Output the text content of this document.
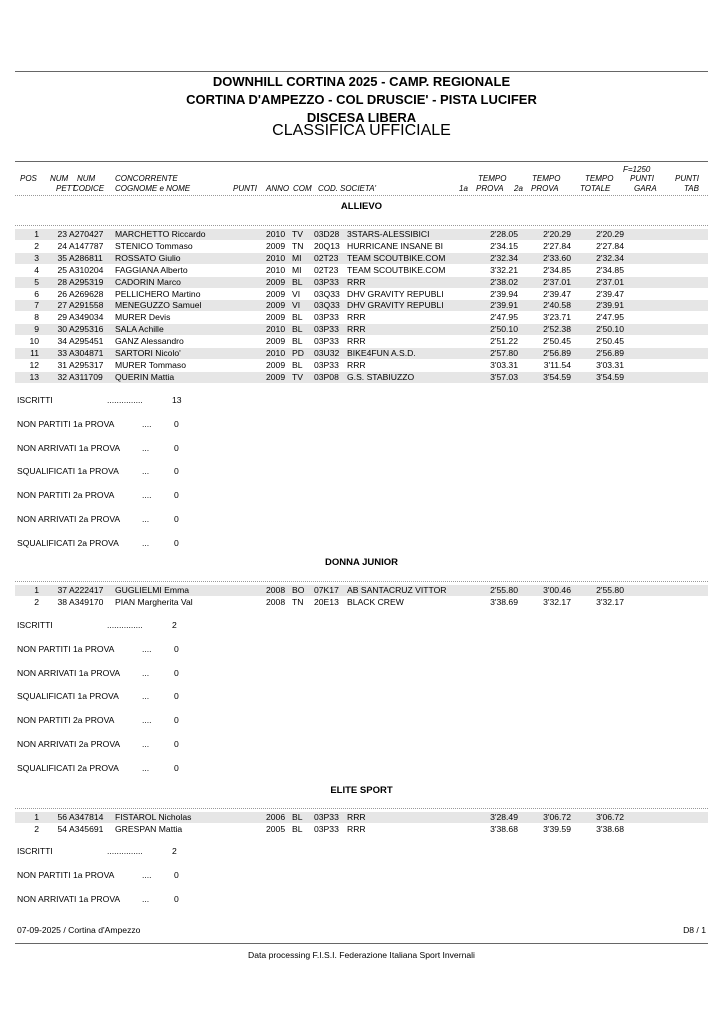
DOWNHILL CORTINA 2025 - CAMP. REGIONALE
CORTINA D'AMPEZZO - COL DRUSCIE' - PISTA LUCIFER
DISCESA LIBERA
CLASSIFICA UFFICIALE
POS NUM
PETT
NUM
CODICE
CONCORRENTE
COGNOME e NOME	PUNTI ANNO COM COD. SOCIETA'
TEMPO
1a PROVA
TEMPO
2a PROVA
TEMPO
TOTALE
F=1250
PUNTI
GARA
PUNTI
TAB
ALLIEVO
1	23 A270427 MARCHETTO Riccardo	2010 TV 03D28 3STARS-ALESSIBICI	2'28.05	2'20.29	2'20.29
2	24 A147787 STENICO Tommaso	2009 TN 20Q13 HURRICANE INSANE BI	2'34.15	2'27.84	2'27.84
3	35 A286811 ROSSATO Giulio	2010 MI 02T23 TEAM SCOUTBIKE.COM	2'32.34	2'33.60	2'32.34
4	25 A310204 FAGGIANA Alberto	2010 MI 02T23 TEAM SCOUTBIKE.COM	3'32.21	2'34.85	2'34.85
5	28 A295319 CADORIN Marco	2009 BL 03P33 RRR	2'38.02	2'37.01	2'37.01
6	26 A269628 PELLICHERO Martino	2009 VI 03Q33 DHV GRAVITY REPUBLI	2'39.94	2'39.47	2'39.47
7	27 A291558 MENEGUZZO Samuel	2009 VI 03Q33 DHV GRAVITY REPUBLI	2'39.91	2'40.58	2'39.91
8	29 A349034 MURER Devis	2009 BL 03P33 RRR	2'47.95	3'23.71	2'47.95
9	30 A295316 SALA Achille	2010 BL 03P33 RRR	2'50.10	2'52.38	2'50.10
10	34 A295451 GANZ Alessandro	2009 BL 03P33 RRR	2'51.22	2'50.45	2'50.45
11	33 A304871 SARTORI Nicolo'	2010 PD 03U32 BIKE4FUN A.S.D.	2'57.80	2'56.89	2'56.89
12	31 A295317 MURER Tommaso	2009 BL 03P33 RRR	3'03.31	3'11.54	3'03.31
13	32 A311709 QUERIN Mattia	2009 TV 03P08 G.S. STABIUZZO	3'57.03	3'54.59	3'54.59
ISCRITTI	...............	13
NON PARTITI 1a PROVA	....	0
NON ARRIVATI 1a PROVA	...	0
SQUALIFICATI 1a PROVA	...	0
NON PARTITI 2a PROVA	....	0
NON ARRIVATI 2a PROVA	...	0
SQUALIFICATI 2a PROVA	...	0
DONNA JUNIOR
1	37 A222417 GUGLIELMI Emma	2008 BO 07K17 AB SANTACRUZ VITTOR	2'55.80	3'00.46	2'55.80
2	38 A349170 PIAN Margherita Val	2008 TN 20E13 BLACK CREW	3'38.69	3'32.17	3'32.17
ISCRITTI	...............	2
NON PARTITI 1a PROVA	....	0
NON ARRIVATI 1a PROVA	...	0
SQUALIFICATI 1a PROVA	...	0
NON PARTITI 2a PROVA	....	0
NON ARRIVATI 2a PROVA	...	0
SQUALIFICATI 2a PROVA	...	0
ELITE SPORT
1	56 A347814 FISTAROL Nicholas	2006 BL 03P33 RRR	3'28.49	3'06.72	3'06.72
2	54 A345691 GRESPAN Mattia	2005 BL 03P33 RRR	3'38.68	3'39.59	3'38.68
ISCRITTI	...............	2
NON PARTITI 1a PROVA	....	0
NON ARRIVATI 1a PROVA	...	0
07-09-2025 / Cortina d'Ampezzo	D8 / 1
Data processing F.I.S.I. Federazione Italiana Sport Invernali
